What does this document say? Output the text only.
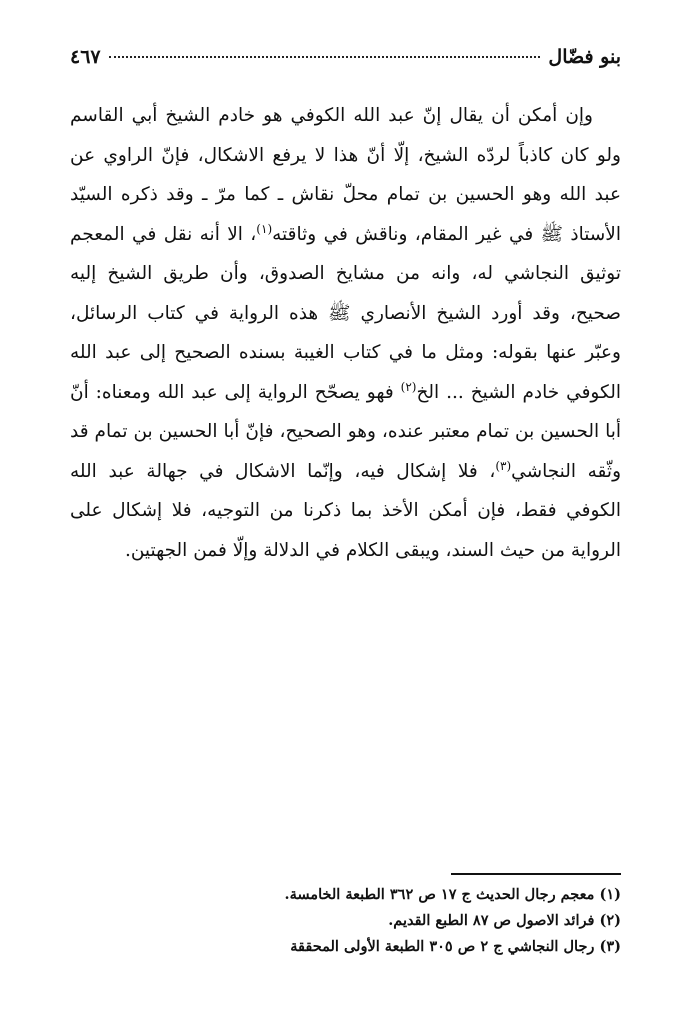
بنو فضّال
٤٦٧

وإن أمكن أن يقال إنّ عبد الله الكوفي هو خادم الشيخ أبي القاسم ولو كان كاذباً لردّه الشيخ، إلّا أنّ هذا لا يرفع الاشكال، فإنّ الراوي عن عبد الله وهو الحسين بن تمام محلّ نقاش ـ كما مرّ ـ وقد ذكره السيّد الأستاذ ﷺ في غير المقام، وناقش في وثاقته$^{(١)}$، الا أنه نقل في المعجم توثيق النجاشي له، وانه من مشايخ الصدوق، وأن طريق الشيخ إليه صحيح، وقد أورد الشيخ الأنصاري ﷺ هذه الرواية في كتاب الرسائل، وعبّر عنها بقوله: ومثل ما في كتاب الغيبة بسنده الصحيح إلى عبد الله الكوفي خادم الشيخ ... الخ$^{(٢)}$ فهو يصحّح الرواية إلى عبد الله ومعناه: أنّ أبا الحسين بن تمام معتبر عنده، وهو الصحيح، فإنّ أبا الحسين بن تمام قد وثّقه النجاشي$^{(٣)}$، فلا إشكال فيه، وإنّما الاشكال في جهالة عبد الله الكوفي فقط، فإن أمكن الأخذ بما ذكرنا من التوجيه، فلا إشكال على الرواية من حيث السند، ويبقى الكلام في الدلالة وإلّا فمن الجهتين.

(١) معجم رجال الحديث ج ١٧ ص ٣٦٢ الطبعة الخامسة.
(٢) فرائد الاصول ص ٨٧ الطبع القديم.
(٣) رجال النجاشي ج ٢ ص ٣٠٥ الطبعة الأولى المحققة
